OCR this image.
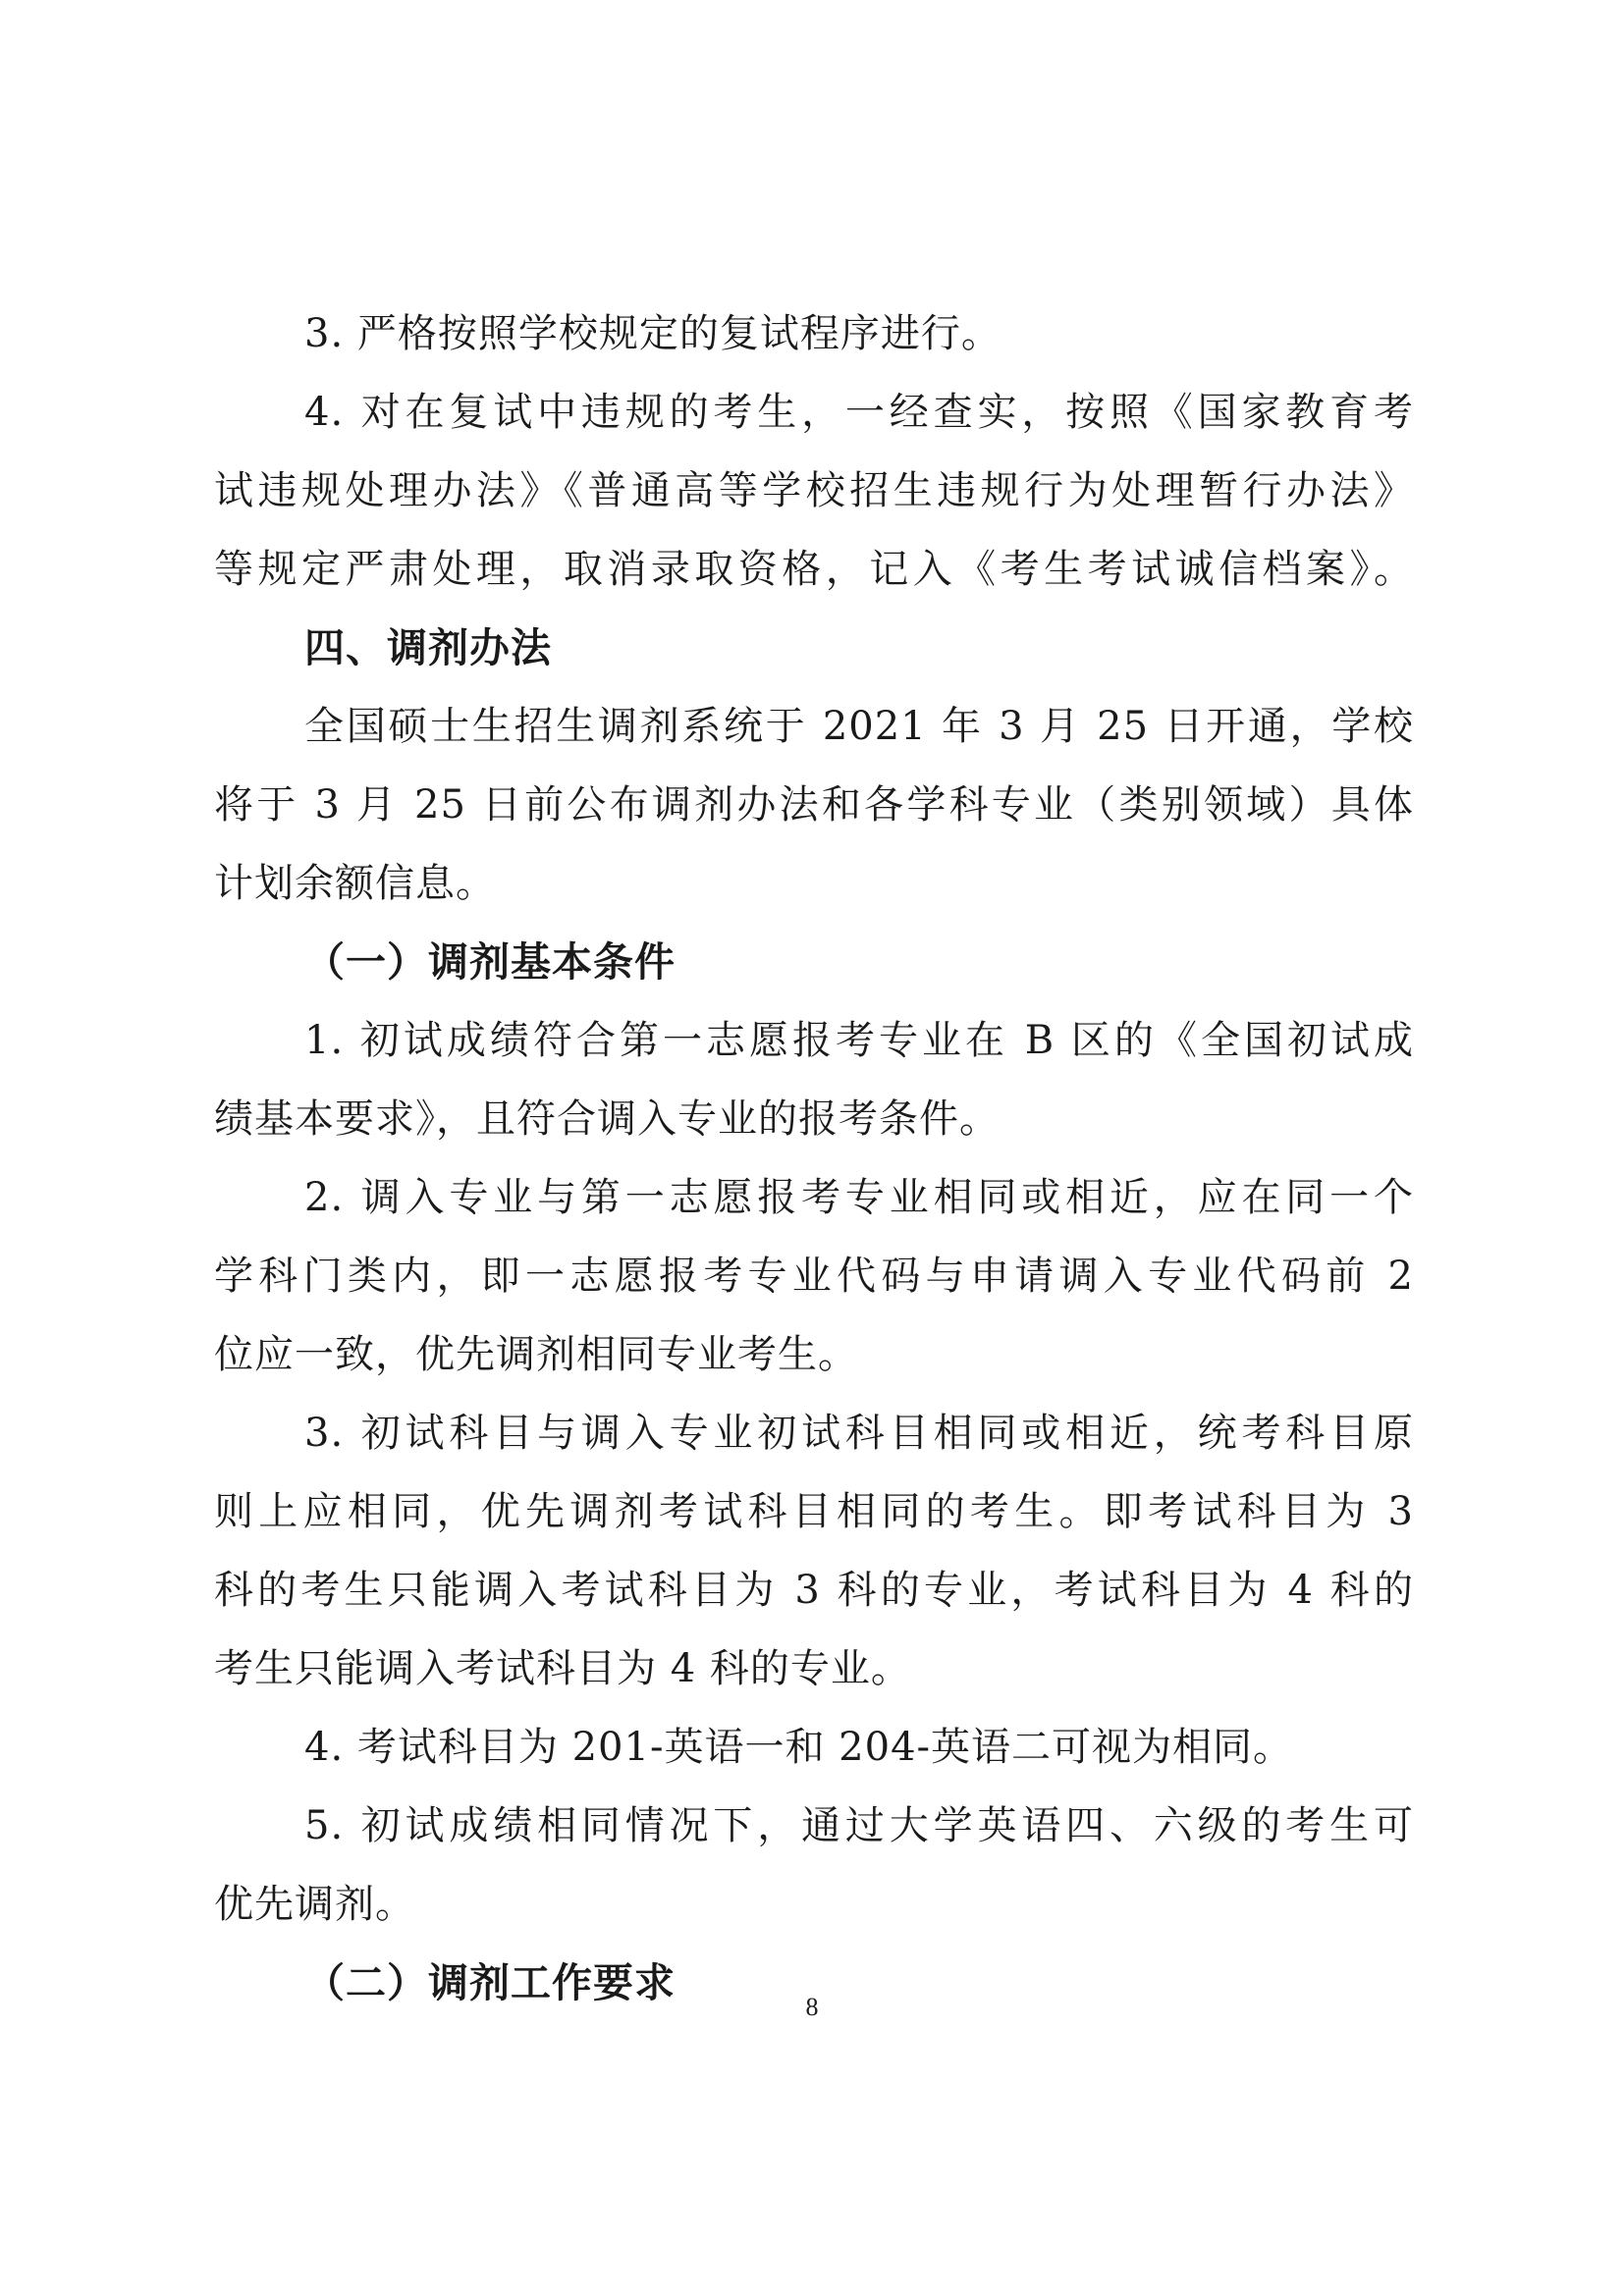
3. 严格按照学校规定的复试程序进行。
4. 对在复试中违规的考生，一经查实，按照《国家教育考
试违规处理办法》《普通高等学校招生违规行为处理暂行办法》
等规定严肃处理，取消录取资格，记入《考生考试诚信档案》。
四、调剂办法
全国硕士生招生调剂系统于 2021 年 3 月 25 日开通，学校
将于 3 月 25 日前公布调剂办法和各学科专业（类别领域）具体
计划余额信息。
（一）调剂基本条件
1. 初试成绩符合第一志愿报考专业在 B 区的《全国初试成
绩基本要求》，且符合调入专业的报考条件。
2. 调入专业与第一志愿报考专业相同或相近，应在同一个
学科门类内，即一志愿报考专业代码与申请调入专业代码前 2
位应一致，优先调剂相同专业考生。
3. 初试科目与调入专业初试科目相同或相近，统考科目原
则上应相同，优先调剂考试科目相同的考生。即考试科目为 3
科的考生只能调入考试科目为 3 科的专业，考试科目为 4 科的
考生只能调入考试科目为 4 科的专业。
4. 考试科目为 201-英语一和 204-英语二可视为相同。
5. 初试成绩相同情况下，通过大学英语四、六级的考生可
优先调剂。
（二）调剂工作要求
8
